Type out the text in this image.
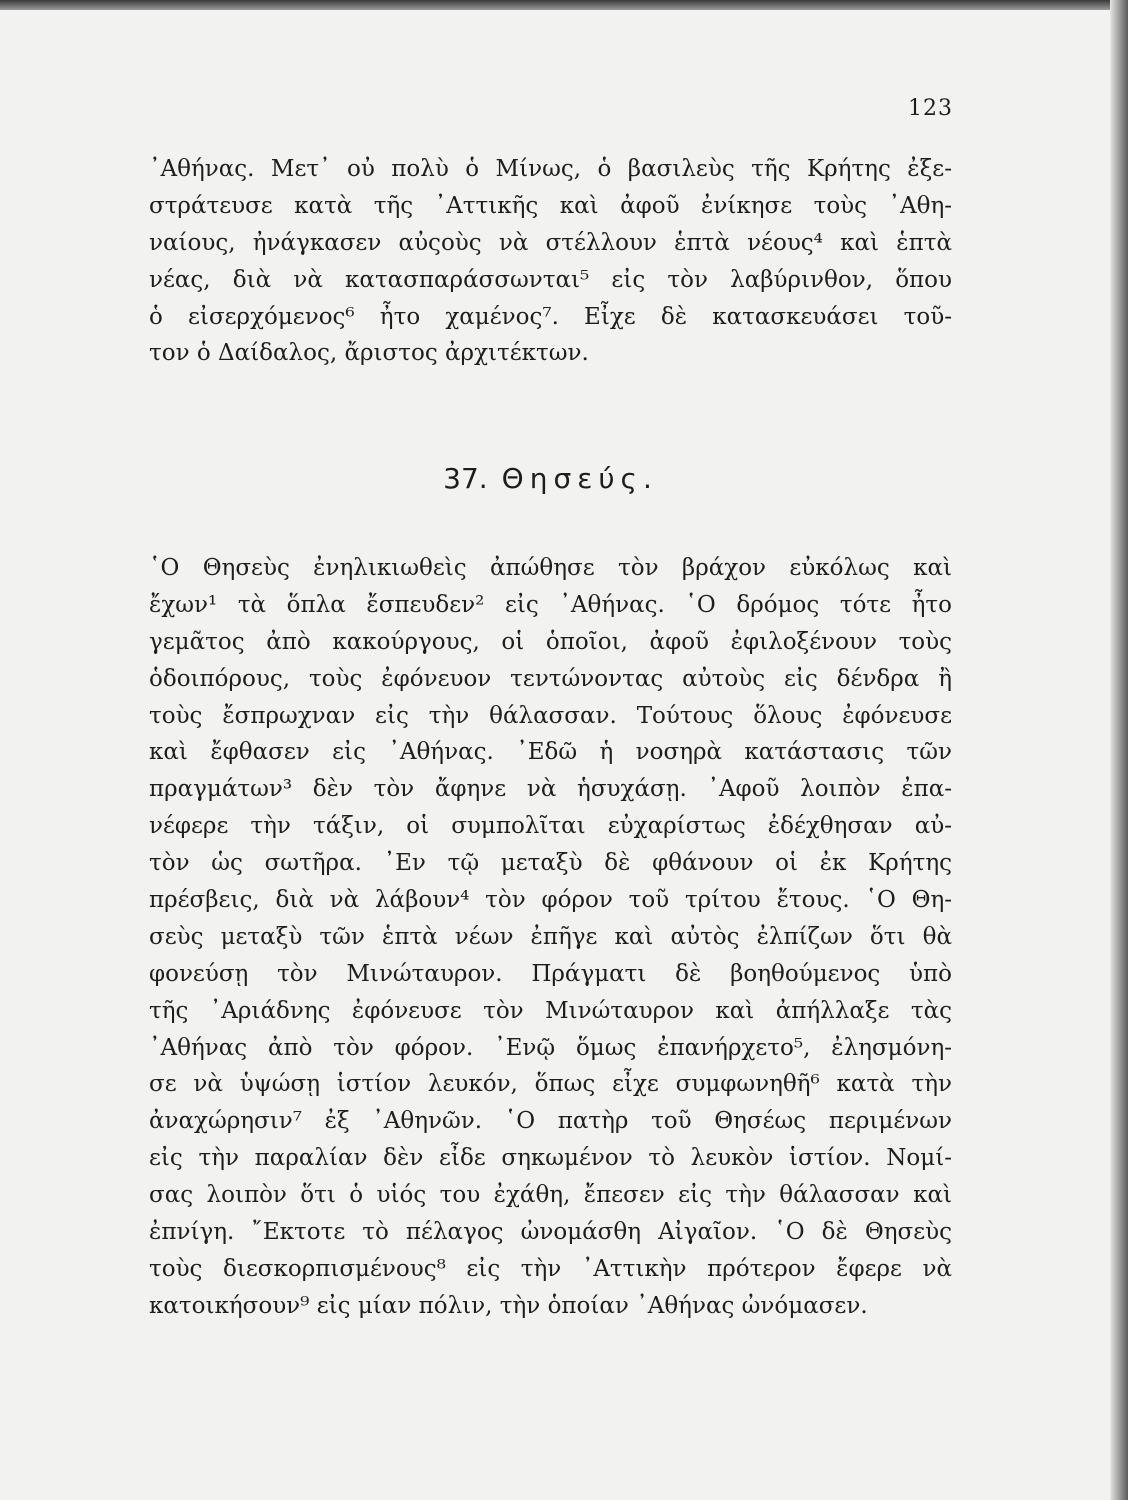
123
᾿Αθήνας. Μετ᾿ οὐ πολὺ ὁ Μίνως, ὁ βασιλεὺς τῆς Κρήτης ἐξε-
στράτευσε κατὰ τῆς ᾿Αττικῆς καὶ ἀφοῦ ἐνίκησε τοὺς ᾿Αθη-
ναίους, ἠνάγκασεν αὐςοὺς νὰ στέλλουν ἑπτὰ νέους⁴ καὶ ἑπτὰ
νέας, διὰ νὰ κατασπαράσσωνται⁵ εἰς τὸν λαβύρινθον, ὅπου
ὁ εἰσερχόμενος⁶ ἦτο χαμένος⁷. Εἶχε δὲ κατασκευάσει τοῦ-
τον ὁ Δαίδαλος, ἄριστος ἀρχιτέκτων.
37. Θησεύς.
῾Ο Θησεὺς ἐνηλικιωθεὶς ἀπώθησε τὸν βράχον εὐκόλως καὶ
ἔχων¹ τὰ ὅπλα ἔσπευδεν² εἰς ᾿Αθήνας. ῾Ο δρόμος τότε ἦτο
γεμᾶτος ἀπὸ κακούργους, οἱ ὁποῖοι, ἀφοῦ ἐφιλοξένουν τοὺς
ὁδοιπόρους, τοὺς ἐφόνευον τεντώνοντας αὐτοὺς εἰς δένδρα ἢ
τοὺς ἔσπρωχναν εἰς τὴν θάλασσαν. Τούτους ὅλους ἐφόνευσε
καὶ ἔφθασεν εἰς ᾿Αθήνας. ᾿Εδῶ ἡ νοσηρὰ κατάστασις τῶν
πραγμάτων³ δὲν τὸν ἄφηνε νὰ ἡσυχάσῃ. ᾿Αφοῦ λοιπὸν ἐπα-
νέφερε τὴν τάξιν, οἱ συμπολῖται εὐχαρίστως ἐδέχθησαν αὐ-
τὸν ὡς σωτῆρα. ᾿Εν τῷ μεταξὺ δὲ φθάνουν οἱ ἐκ Κρήτης
πρέσβεις, διὰ νὰ λάβουν⁴ τὸν φόρον τοῦ τρίτου ἔτους. ῾Ο Θη-
σεὺς μεταξὺ τῶν ἑπτὰ νέων ἐπῆγε καὶ αὐτὸς ἐλπίζων ὅτι θὰ
φονεύσῃ τὸν Μινώταυρον. Πράγματι δὲ βοηθούμενος ὑπὸ
τῆς ᾿Αριάδνης ἐφόνευσε τὸν Μινώταυρον καὶ ἀπήλλαξε τὰς
᾿Αθήνας ἀπὸ τὸν φόρον. ᾿Ενῷ ὅμως ἐπανήρχετο⁵, ἐλησμόνη-
σε νὰ ὑψώσῃ ἱστίον λευκόν, ὅπως εἶχε συμφωνηθῆ⁶ κατὰ τὴν
ἀναχώρησιν⁷ ἐξ ᾿Αθηνῶν. ῾Ο πατὴρ τοῦ Θησέως περιμένων
εἰς τὴν παραλίαν δὲν εἶδε σηκωμένον τὸ λευκὸν ἱστίον. Νομί-
σας λοιπὸν ὅτι ὁ υἱός του ἐχάθη, ἔπεσεν εἰς τὴν θάλασσαν καὶ
ἐπνίγη. ῎Εκτοτε τὸ πέλαγος ὠνομάσθη Αἰγαῖον. ῾Ο δὲ Θησεὺς
τοὺς διεσκορπισμένους⁸ εἰς τὴν ᾿Αττικὴν πρότερον ἔφερε νὰ
κατοικήσουν⁹ εἰς μίαν πόλιν, τὴν ὁποίαν ᾿Αθήνας ὠνόμασεν.
